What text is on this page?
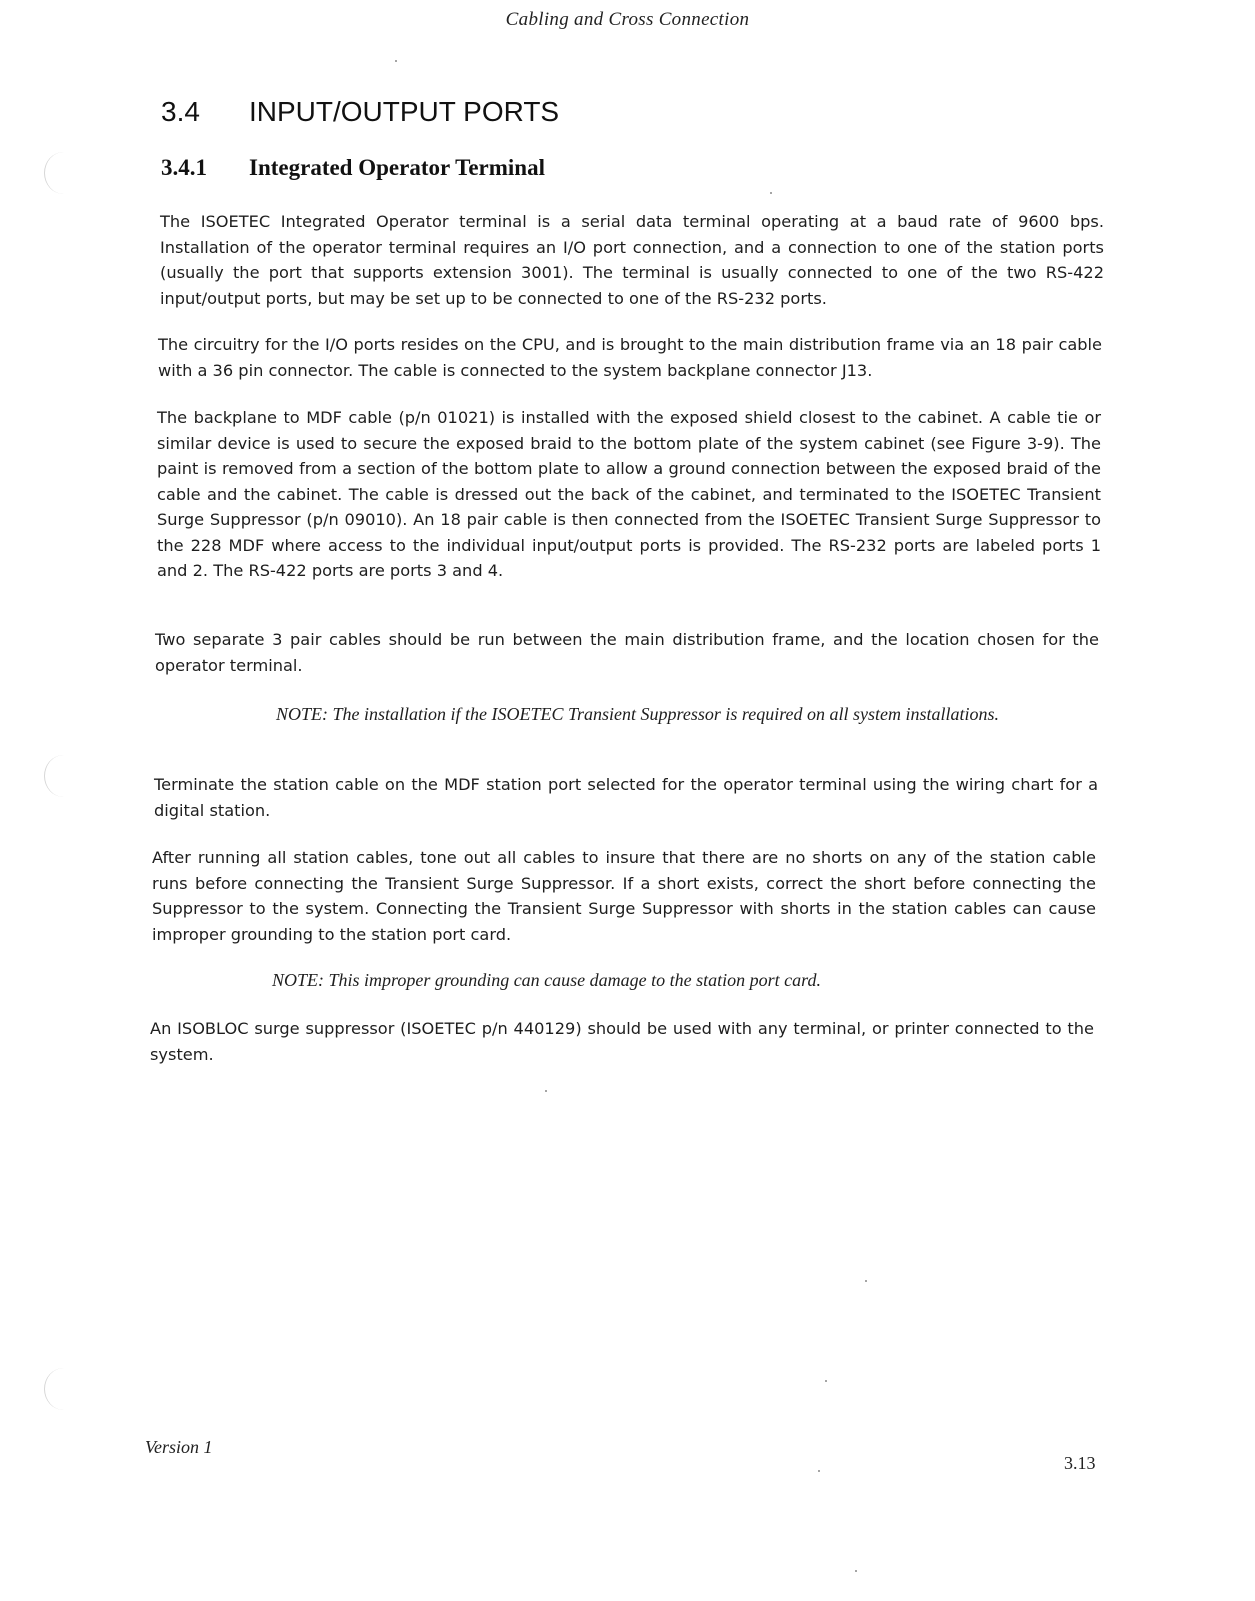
Cabling and Cross Connection
3.4 INPUT/OUTPUT PORTS
3.4.1 Integrated Operator Terminal

The ISOETEC Integrated Operator terminal is a serial data terminal operating at a baud rate of 9600 bps. Installation of the operator terminal requires an I/O port connection, and a connection to one of the station ports (usually the port that supports extension 3001). The terminal is usually connected to one of the two RS-422 input/output ports, but may be set up to be connected to one of the RS-232 ports.

The circuitry for the I/O ports resides on the CPU, and is brought to the main distribution frame via an 18 pair cable with a 36 pin connector. The cable is connected to the system backplane connector J13.

The backplane to MDF cable (p/n 01021) is installed with the exposed shield closest to the cabinet. A cable tie or similar device is used to secure the exposed braid to the bottom plate of the system cabinet (see Figure 3-9). The paint is removed from a section of the bottom plate to allow a ground connection between the exposed braid of the cable and the cabinet. The cable is dressed out the back of the cabinet, and terminated to the ISOETEC Transient Surge Suppressor (p/n 09010). An 18 pair cable is then connected from the ISOETEC Transient Surge Suppressor to the 228 MDF where access to the individual input/output ports is provided. The RS-232 ports are labeled ports 1 and 2. The RS-422 ports are ports 3 and 4.

Two separate 3 pair cables should be run between the main distribution frame, and the location chosen for the operator terminal.

NOTE: The installation if the ISOETEC Transient Suppressor is required on all system installations.

Terminate the station cable on the MDF station port selected for the operator terminal using the wiring chart for a digital station.

After running all station cables, tone out all cables to insure that there are no shorts on any of the station cable runs before connecting the Transient Surge Suppressor. If a short exists, correct the short before connecting the Suppressor to the system. Connecting the Transient Surge Suppressor with shorts in the station cables can cause improper grounding to the station port card.

NOTE: This improper grounding can cause damage to the station port card.

An ISOBLOC surge suppressor (ISOETEC p/n 440129) should be used with any terminal, or printer connected to the system.

Version 1
3.13
